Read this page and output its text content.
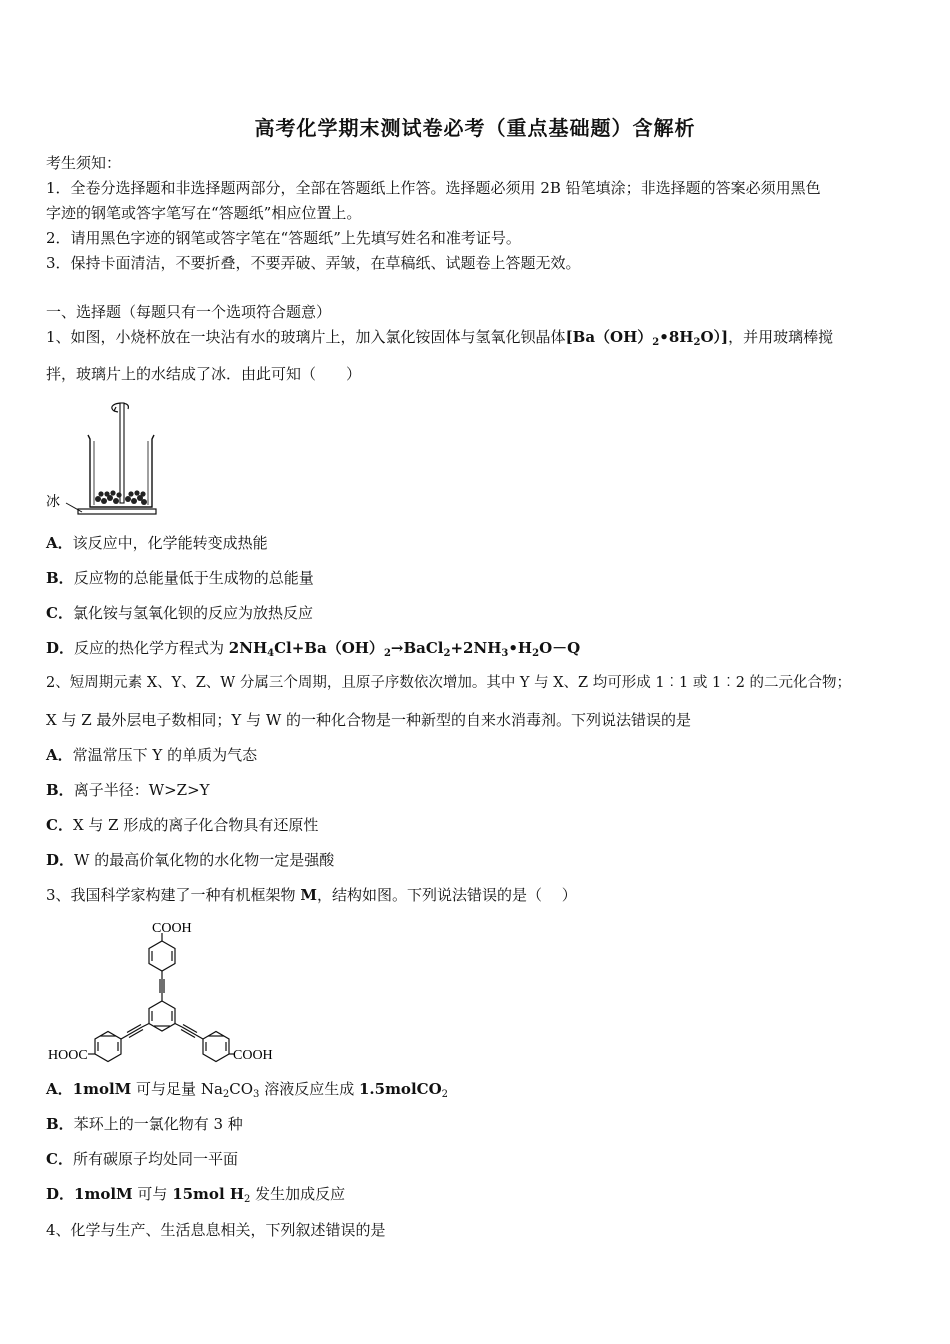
高考化学期末测试卷必考（重点基础题）含解析
考生须知：
1．全卷分选择题和非选择题两部分，全部在答题纸上作答。选择题必须用 2B 铅笔填涂；非选择题的答案必须用黑色
字迹的钢笔或答字笔写在“答题纸”相应位置上。
2．请用黑色字迹的钢笔或答字笔在“答题纸”上先填写姓名和准考证号。
3．保持卡面清洁，不要折叠，不要弄破、弄皱，在草稿纸、试题卷上答题无效。
一、选择题（每题只有一个选项符合题意）
1、如图，小烧杯放在一块沾有水的玻璃片上，加入氯化铵固体与氢氧化钡晶体$[Ba(OH)_2•8H_2O)$]，并用玻璃棒搅
拌，玻璃片上的水结成了冰．由此可知（　　）
冰
A．该反应中，化学能转变成热能
B．反应物的总能量低于生成物的总能量
C．氯化铵与氢氧化钡的反应为放热反应
D．反应的热化学方程式为 $2NH_4Cl+Ba(OH)_2\to BaCl_2+2NH_3•H_2O-Q$
2、短周期元素 X、Y、Z、W 分属三个周期，且原子序数依次增加。其中 Y 与 X、Z 均可形成 1︰1 或 1︰2 的二元化合物；
X 与 Z 最外层电子数相同；Y 与 W 的一种化合物是一种新型的自来水消毒剂。下列说法错误的是
A．常温常压下 Y 的单质为气态
B．离子半径：W>Z>Y
C．X 与 Z 形成的离子化合物具有还原性
D．W 的最高价氧化物的水化物一定是强酸
3、我国科学家构建了一种有机框架物 M，结构如图。下列说法错误的是（　 ）
COOH
HOOC	COOH
A．1molM 可与足量 $Na_2CO_3$ 溶液反应生成 1.5molCO$_2$
B．苯环上的一氯化物有 3 种
C．所有碳原子均处同一平面
D．1molM 可与 15mol $H_2$ 发生加成反应
4、化学与生产、生活息息相关，下列叙述错误的是
